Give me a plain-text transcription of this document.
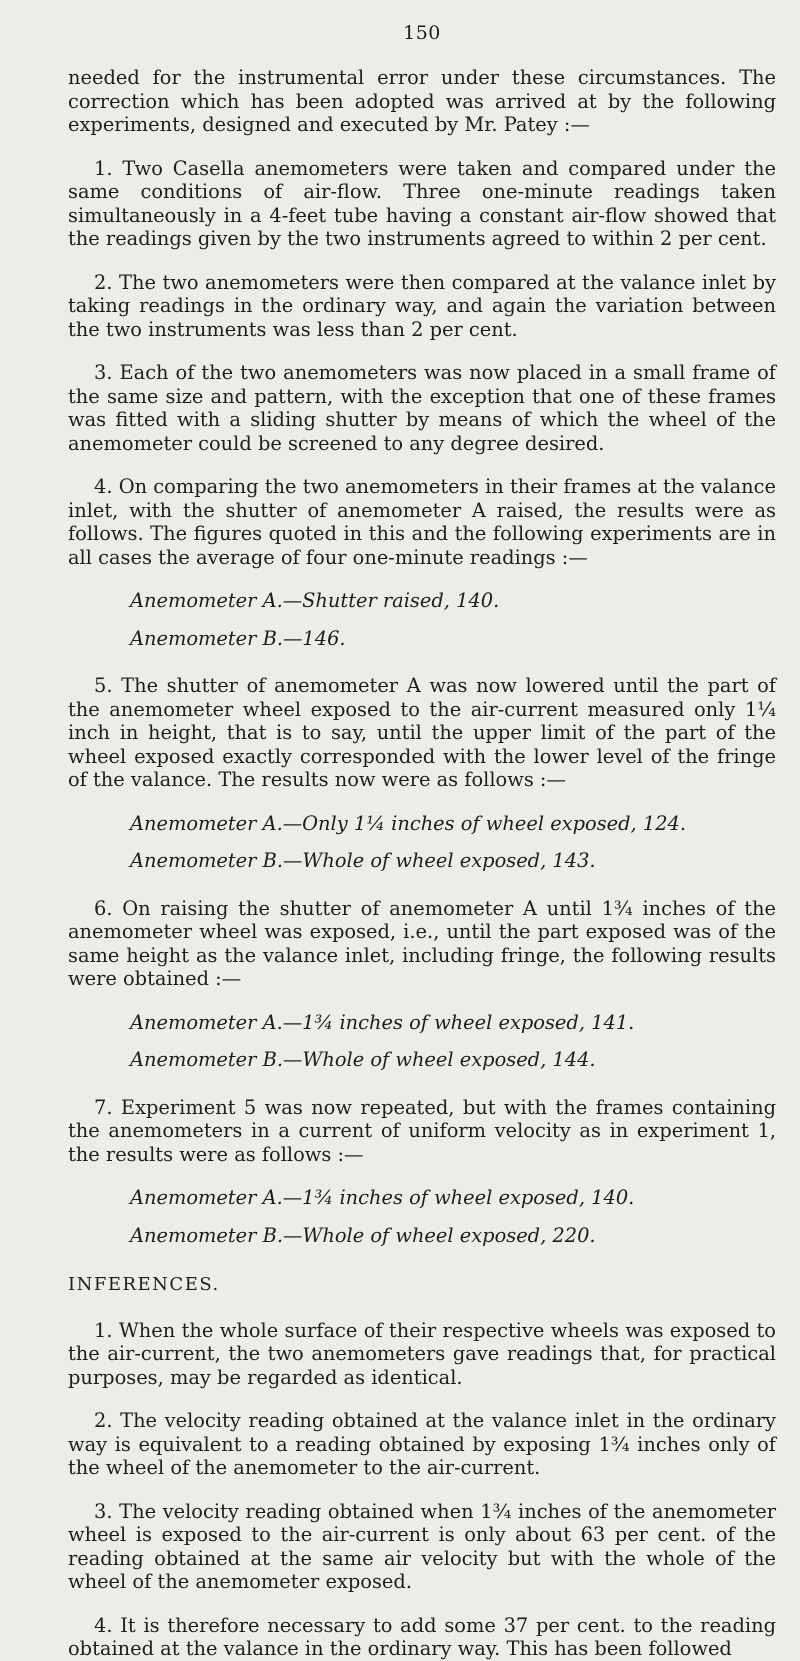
150

needed for the instrumental error under these circumstances. The correction which has been adopted was arrived at by the following experiments, designed and executed by Mr. Patey :—

1. Two Casella anemometers were taken and compared under the same conditions of air-flow. Three one-minute readings taken simultaneously in a 4-feet tube having a constant air-flow showed that the readings given by the two instruments agreed to within 2 per cent.

2. The two anemometers were then compared at the valance inlet by taking readings in the ordinary way, and again the variation between the two instruments was less than 2 per cent.

3. Each of the two anemometers was now placed in a small frame of the same size and pattern, with the exception that one of these frames was fitted with a sliding shutter by means of which the wheel of the anemometer could be screened to any degree desired.

4. On comparing the two anemometers in their frames at the valance inlet, with the shutter of anemometer A raised, the results were as follows. The figures quoted in this and the following experiments are in all cases the average of four one-minute readings :—

Anemometer A.—Shutter raised, 140.

Anemometer B.—146.

5. The shutter of anemometer A was now lowered until the part of the anemometer wheel exposed to the air-current measured only 1¼ inch in height, that is to say, until the upper limit of the part of the wheel exposed exactly corresponded with the lower level of the fringe of the valance. The results now were as follows :—

Anemometer A.—Only 1¼ inches of wheel exposed, 124.

Anemometer B.—Whole of wheel exposed, 143.

6. On raising the shutter of anemometer A until 1¾ inches of the anemometer wheel was exposed, i.e., until the part exposed was of the same height as the valance inlet, including fringe, the following results were obtained :—

Anemometer A.—1¾ inches of wheel exposed, 141.

Anemometer B.—Whole of wheel exposed, 144.

7. Experiment 5 was now repeated, but with the frames containing the anemometers in a current of uniform velocity as in experiment 1, the results were as follows :—

Anemometer A.—1¾ inches of wheel exposed, 140.

Anemometer B.—Whole of wheel exposed, 220.

INFERENCES.

1. When the whole surface of their respective wheels was exposed to the air-current, the two anemometers gave readings that, for practical purposes, may be regarded as identical.

2. The velocity reading obtained at the valance inlet in the ordinary way is equivalent to a reading obtained by exposing 1¾ inches only of the wheel of the anemometer to the air-current.

3. The velocity reading obtained when 1¾ inches of the anemometer wheel is exposed to the air-current is only about 63 per cent. of the reading obtained at the same air velocity but with the whole of the wheel of the anemometer exposed.

4. It is therefore necessary to add some 37 per cent. to the reading obtained at the valance in the ordinary way. This has been followed
